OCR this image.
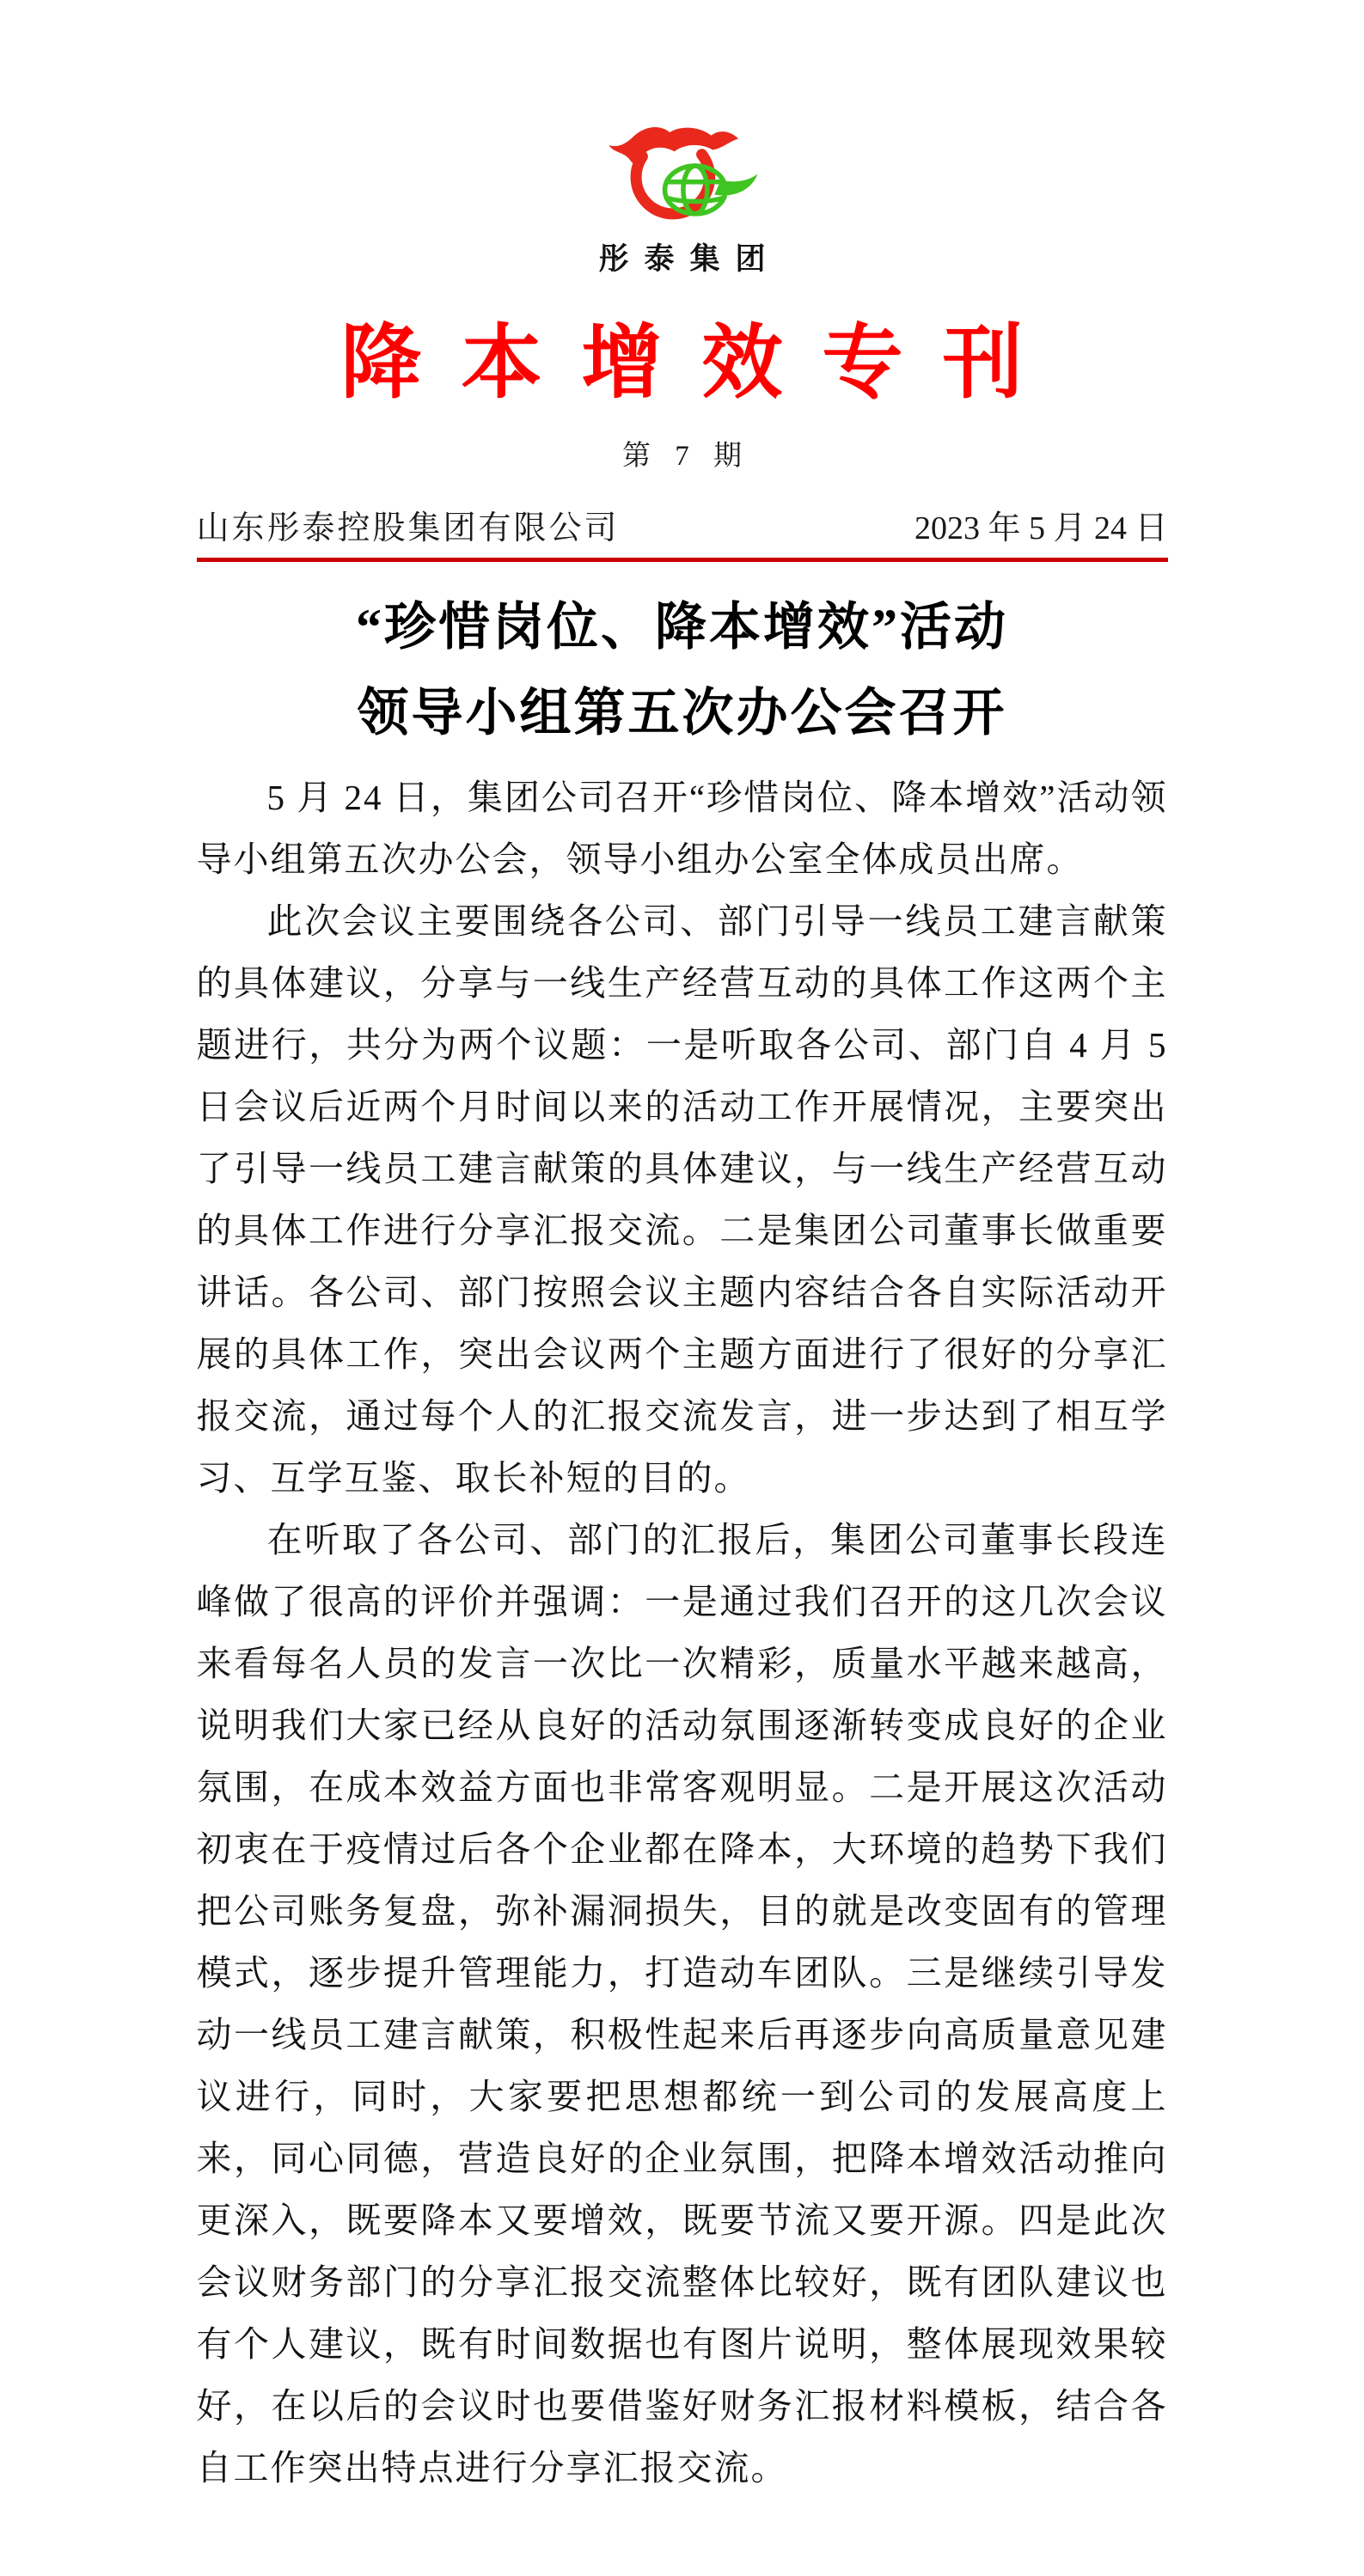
彤泰集团
降本增效专刊
第 7 期
山东彤泰控股集团有限公司	2023 年 5 月 24 日
“珍惜岗位、降本增效”活动
领导小组第五次办公会召开

5 月 24 日，集团公司召开“珍惜岗位、降本增效”活动领导小组第五次办公会，领导小组办公室全体成员出席。

此次会议主要围绕各公司、部门引导一线员工建言献策的具体建议，分享与一线生产经营互动的具体工作这两个主题进行，共分为两个议题：一是听取各公司、部门自 4 月 5 日会议后近两个月时间以来的活动工作开展情况，主要突出了引导一线员工建言献策的具体建议，与一线生产经营互动的具体工作进行分享汇报交流。二是集团公司董事长做重要讲话。各公司、部门按照会议主题内容结合各自实际活动开展的具体工作，突出会议两个主题方面进行了很好的分享汇报交流，通过每个人的汇报交流发言，进一步达到了相互学习、互学互鉴、取长补短的目的。

在听取了各公司、部门的汇报后，集团公司董事长段连峰做了很高的评价并强调：一是通过我们召开的这几次会议来看每名人员的发言一次比一次精彩，质量水平越来越高，说明我们大家已经从良好的活动氛围逐渐转变成良好的企业氛围，在成本效益方面也非常客观明显。二是开展这次活动初衷在于疫情过后各个企业都在降本，大环境的趋势下我们把公司账务复盘，弥补漏洞损失，目的就是改变固有的管理模式，逐步提升管理能力，打造动车团队。三是继续引导发动一线员工建言献策，积极性起来后再逐步向高质量意见建议进行，同时，大家要把思想都统一到公司的发展高度上来，同心同德，营造良好的企业氛围，把降本增效活动推向更深入，既要降本又要增效，既要节流又要开源。四是此次会议财务部门的分享汇报交流整体比较好，既有团队建议也有个人建议，既有时间数据也有图片说明，整体展现效果较好，在以后的会议时也要借鉴好财务汇报材料模板，结合各自工作突出特点进行分享汇报交流。
